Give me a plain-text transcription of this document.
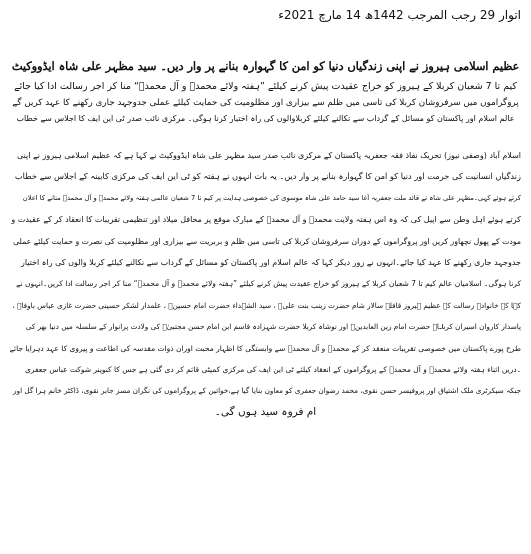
اتوار 29 رجب المرجب 1442ھ 14 مارچ 2021ء
عظیم اسلامی ہیروز نے اپنی زندگیاں دنیا کو امن کا گہوارہ بنانے پر وار دیں۔ سید مظہر علی شاہ ایڈووکیٹ
کیم تا 7 شعبان کربلا کے ہیروز کو خراج عقیدت پیش کرنے کیلئے ”ہفتہ ولائے محمدؐ و آل محمدؐ“ منا کر اجر رسالت ادا کیا جائے
پروگراموں میں سرفروشان کربلا کی تاسی میں ظلم سے بیزاری اور مظلومیت کی حمایت کیلئے عملی جدوجہد جاری رکھنے کا عہد کریں گے
عالم اسلام اور پاکستان کو مسائل کے گرداب سے نکالنے کیلئے کربلاوالوں کی راہ اختیار کرنا ہوگی۔ مرکزی نائب صدر ٹی این ایف کا اجلاس سے خطاب
اسلام آباد (وصفی نیوز) تحریک نفاذ فقہ جعفریہ پاکستان کے مرکزی نائب صدر سید مظہر علی شاہ ایڈووکیٹ نے کہا ہے کہ عظیم اسلامی ہیروز نے اپنی
زندگیاں انسانیت کی حرمت اور دنیا کو امن کا گہوارہ بنانے پر وار دیں۔ یہ بات انہوں نے ہفتہ کو ٹی این ایف کی مرکزی کابینہ کے اجلاس سے خطاب
کرتے ہوئے کہی۔مظہر علی شاہ نے قائد ملت جعفریہ آغا سید حامد علی شاہ موسوی کی خصوصی ہدایت پر کیم تا 7 شعبان عالمی ہفتہ ولائے محمدؐ و آل محمدؐ منانے کا اعلان
کرتے ہوئے اہل وطن سے اپیل کی کہ وہ اس ہفتہ ولایت محمدؐ و آل محمدؐ کے مبارک موقع پر محافل میلاد اور تنظیمی تقریبات کا انعقاد کر کے عقیدت و
مودت کے پھول نچھاور کریں اور پروگراموں کے دوران سرفروشان کربلا کی تاسی میں ظلم و بربریت سے بیزاری اور مظلومیت کی نصرت و حمایت کیلئے عملی
جدوجہد جاری رکھنے کا عہد کیا جائے۔انہوں نے زور دیکر کہا کہ عالم اسلام اور پاکستان کو مسائل کے گرداب سے نکالنے کیلئے کربلا والوں کی راہ اختیار
کرنا ہوگی۔ اسلامیان عالم کیم تا 7 شعبان کربلا کے ہیروز کو خراج عقیدت پیش کرنے کیلئے ”ہفتہ ولائے محمدؐ و آل محمدؐ“ منا کر اجر رسالت ادا کریں۔انہوں نے
کہا کہ خانوادہ رسالت کے عظیم ہیروز قافلہ سالار شام حضرت زینب بنت علیؑ ، سید الشہداء حضرت امام حسینؑ ، علمدار لشکر حسینی حضرت غازی عباس باوفاؑ ،
پاسدار کاروان اسیران کربلاؑ حضرت امام زین العابدینؑ اور نوشاہ کربلا حضرت شہزادہ قاسم ابن امام حسن مجتبیٰؑ کی ولادت پرانوار کے سلسلہ میں دنیا بھر کی
طرح پورے پاکستان میں خصوصی تقریبات منعقد کر کے محمدؐ و آل محمدؐ سے وابستگی کا اظہار محبت اوران ذوات مقدسہ کی اطاعت و پیروی کا عہد دہرایا جائے
۔دریں اثناء ہفتہ ولائے محمدؐ و آل محمدؐ کے پروگراموں کے انعقاد کیلئے ٹی این ایف کی مرکزی کمیٹی قائم کر دی گئی ہے جس کا کنوینر شوکت عباس جعفری
جبکہ سیکرٹری ملک اشتیاق اور پروفیسر حسن نقوی، محمد رضوان جعفری کو معاون بنایا گیا ہے،خواتین کے پروگراموں کی نگران مسز جابر نقوی، ڈاکٹر خانم ہرا گل اور
ام فروہ سید ہوں گی۔
